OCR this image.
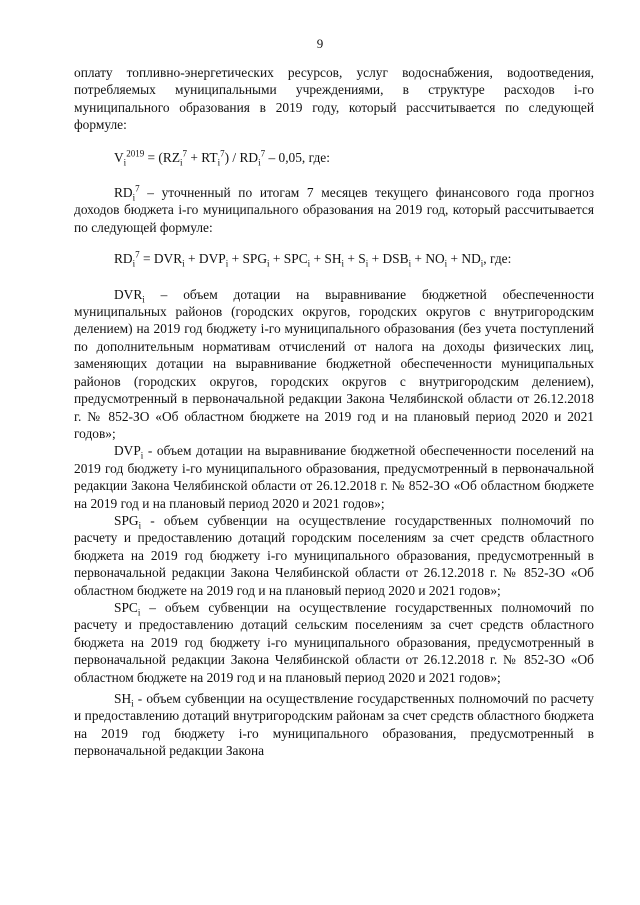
9

оплату топливно-энергетических ресурсов, услуг водоснабжения, водоотведения, потребляемых муниципальными учреждениями, в структуре расходов i-го муниципального образования в 2019 году, который рассчитывается по следующей формуле:

$V_i^{2019} = (RZ_i^7 + RT_i^7) / RD_i^7 - 0,05$, где:

$RD_i^7$ – уточненный по итогам 7 месяцев текущего финансового года прогноз доходов бюджета i-го муниципального образования на 2019 год, который рассчитывается по следующей формуле:

$RD_i^7 = DVR_i + DVP_i + SPG_i + SPC_i + SH_i + S_i + DSB_i + NO_i + ND_i$, где:

$DVR_i$ – объем дотации на выравнивание бюджетной обеспеченности муниципальных районов (городских округов, городских округов с внутригородским делением) на 2019 год бюджету i-го муниципального образования (без учета поступлений по дополнительным нормативам отчислений от налога на доходы физических лиц, заменяющих дотации на выравнивание бюджетной обеспеченности муниципальных районов (городских округов, городских округов с внутригородским делением), предусмотренный в первоначальной редакции Закона Челябинской области от 26.12.2018 г. № 852-ЗО «Об областном бюджете на 2019 год и на плановый период 2020 и 2021 годов»;

$DVP_i$ - объем дотации на выравнивание бюджетной обеспеченности поселений на 2019 год бюджету i-го муниципального образования, предусмотренный в первоначальной редакции Закона Челябинской области от 26.12.2018 г. № 852-ЗО «Об областном бюджете на 2019 год и на плановый период 2020 и 2021 годов»;

$SPG_i$ - объем субвенции на осуществление государственных полномочий по расчету и предоставлению дотаций городским поселениям за счет средств областного бюджета на 2019 год бюджету i-го муниципального образования, предусмотренный в первоначальной редакции Закона Челябинской области от 26.12.2018 г. № 852-ЗО «Об областном бюджете на 2019 год и на плановый период 2020 и 2021 годов»;

$SPC_i$ – объем субвенции на осуществление государственных полномочий по расчету и предоставлению дотаций сельским поселениям за счет средств областного бюджета на 2019 год бюджету i-го муниципального образования, предусмотренный в первоначальной редакции Закона Челябинской области от 26.12.2018 г. № 852-ЗО «Об областном бюджете на 2019 год и на плановый период 2020 и 2021 годов»;

$SH_i$ - объем субвенции на осуществление государственных полномочий по расчету и предоставлению дотаций внутригородским районам за счет средств областного бюджета на 2019 год бюджету i-го муниципального образования, предусмотренный в первоначальной редакции Закона
